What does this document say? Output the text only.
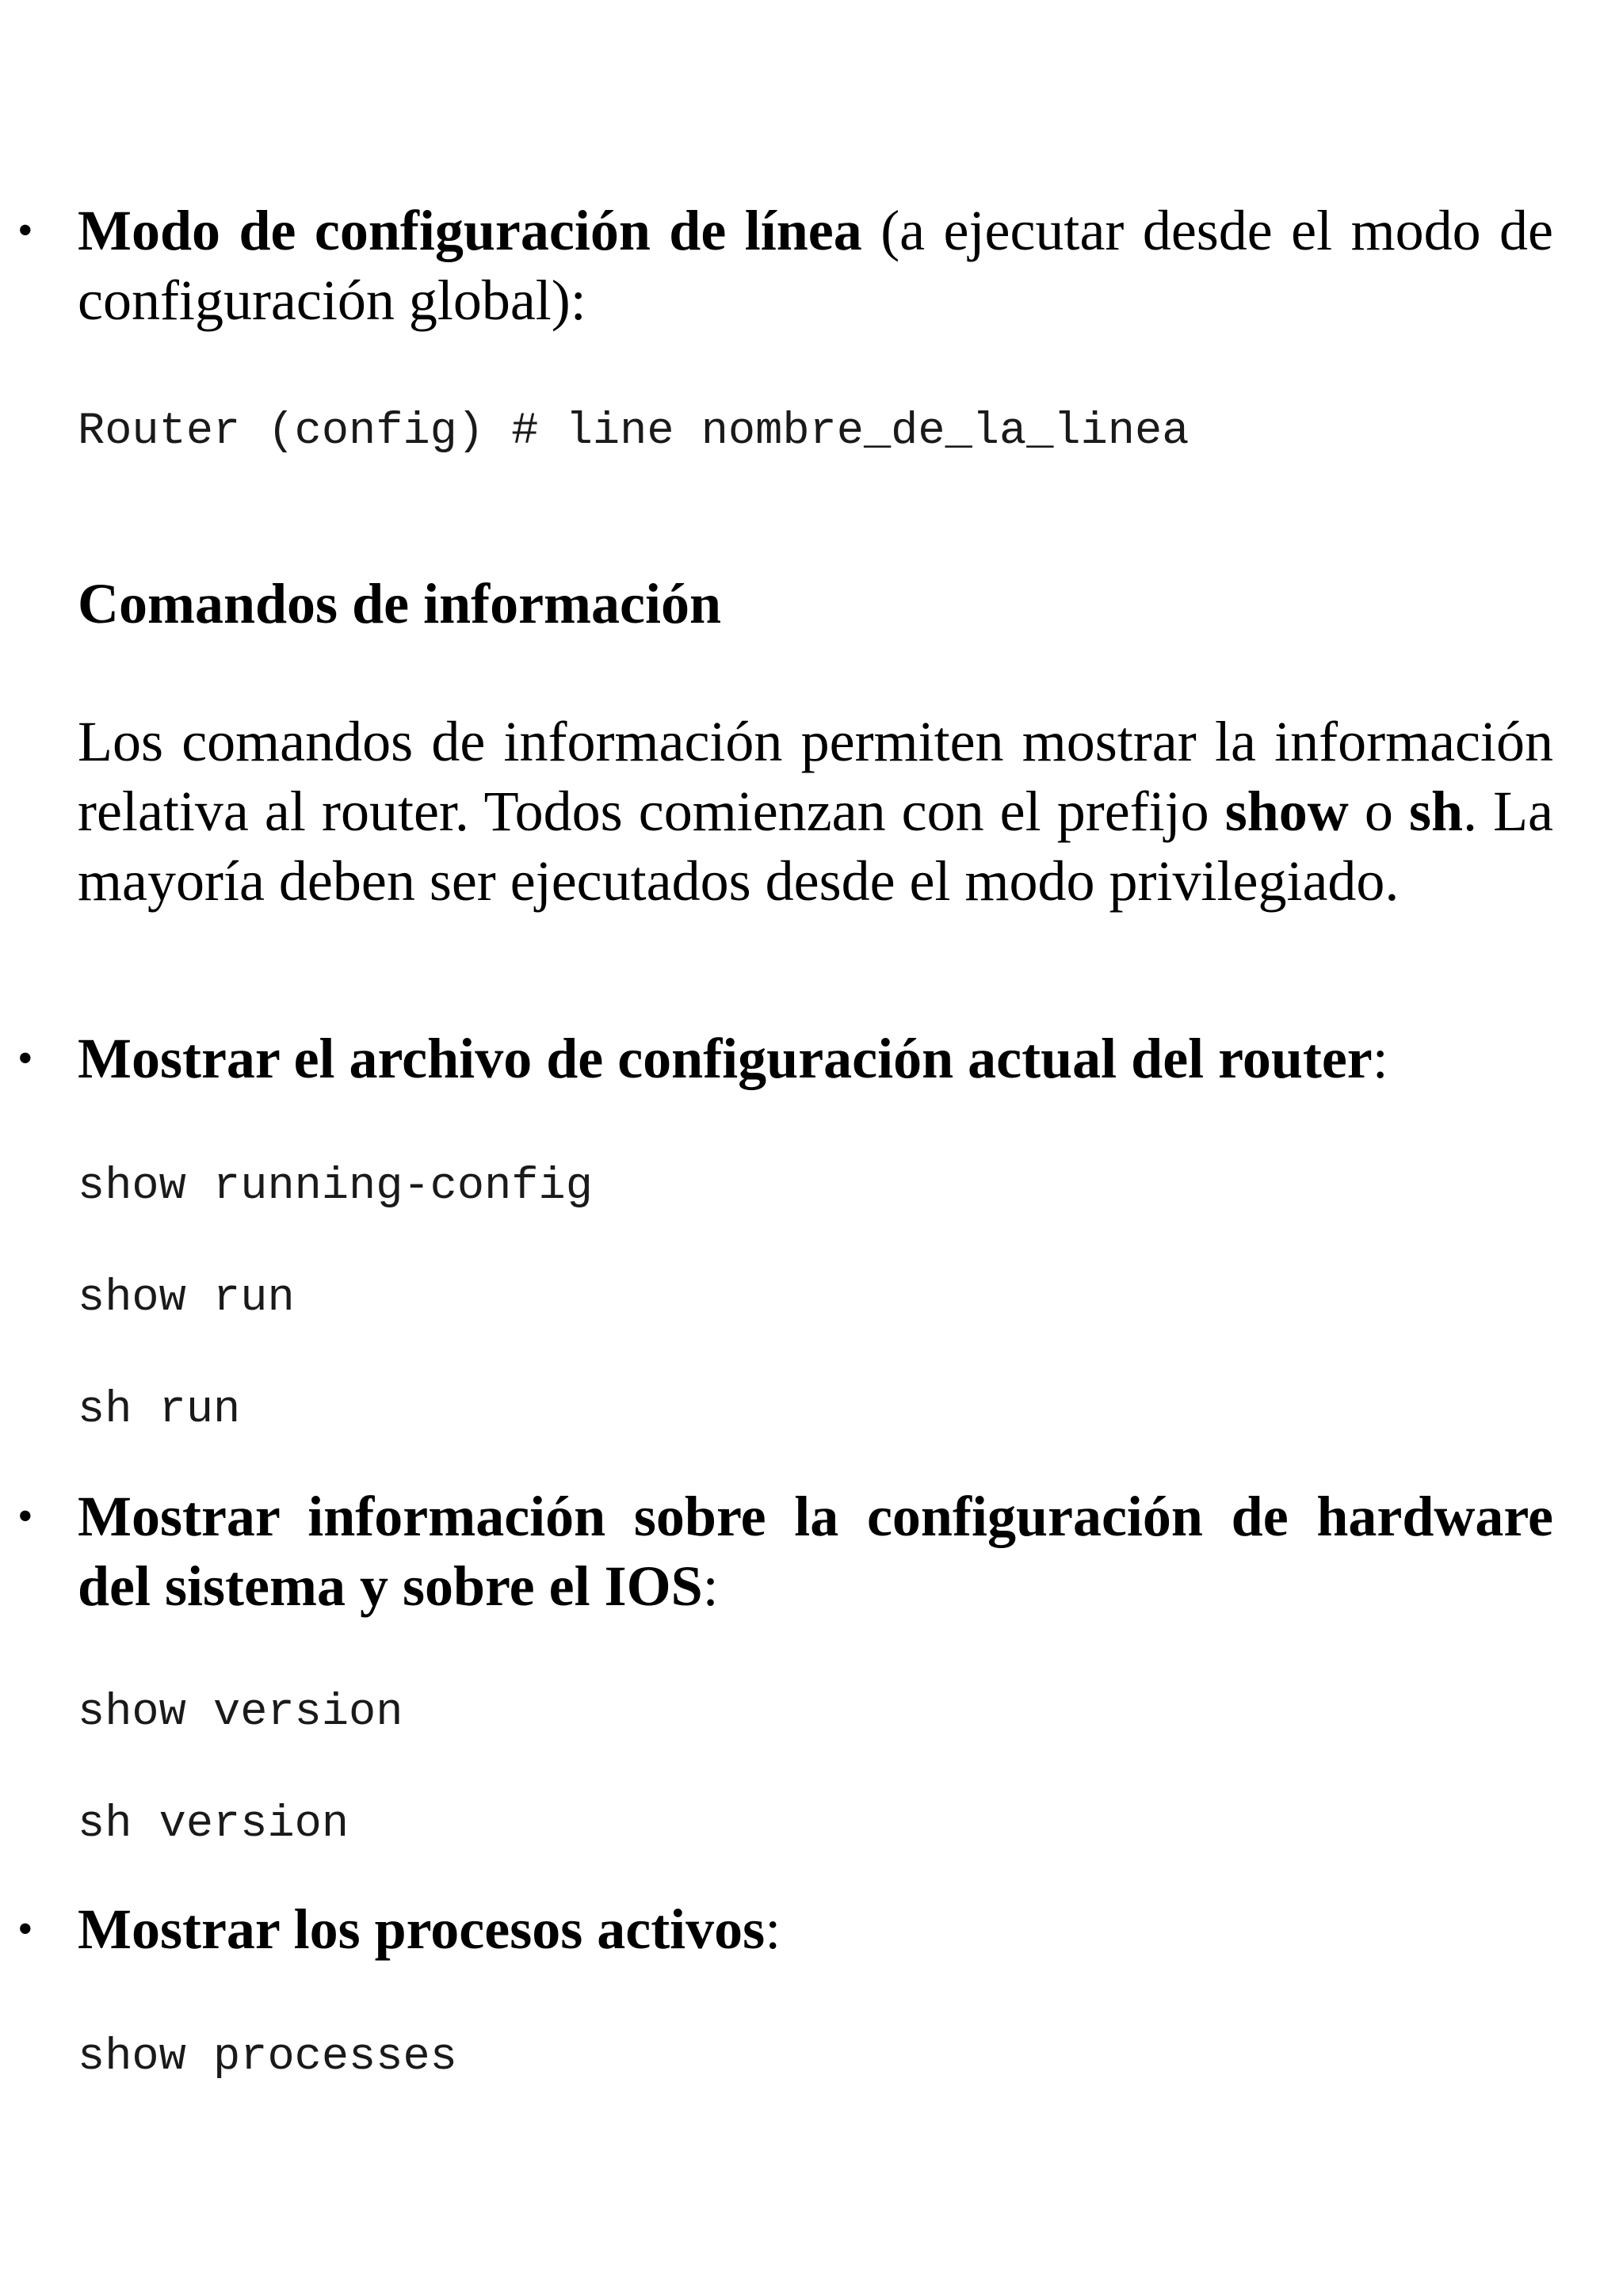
• Modo de configuración de línea (a ejecutar desde el modo de configuración global):

Router (config) # line nombre_de_la_linea
Comandos de información

Los comandos de información permiten mostrar la información relativa al router. Todos comienzan con el prefijo show o sh. La mayoría deben ser ejecutados desde el modo privilegiado.

• Mostrar el archivo de configuración actual del router:

show running-config
show run
sh run
• Mostrar información sobre la configuración de hardware del sistema y sobre el IOS:

show version
sh version
• Mostrar los procesos activos:

show processes
